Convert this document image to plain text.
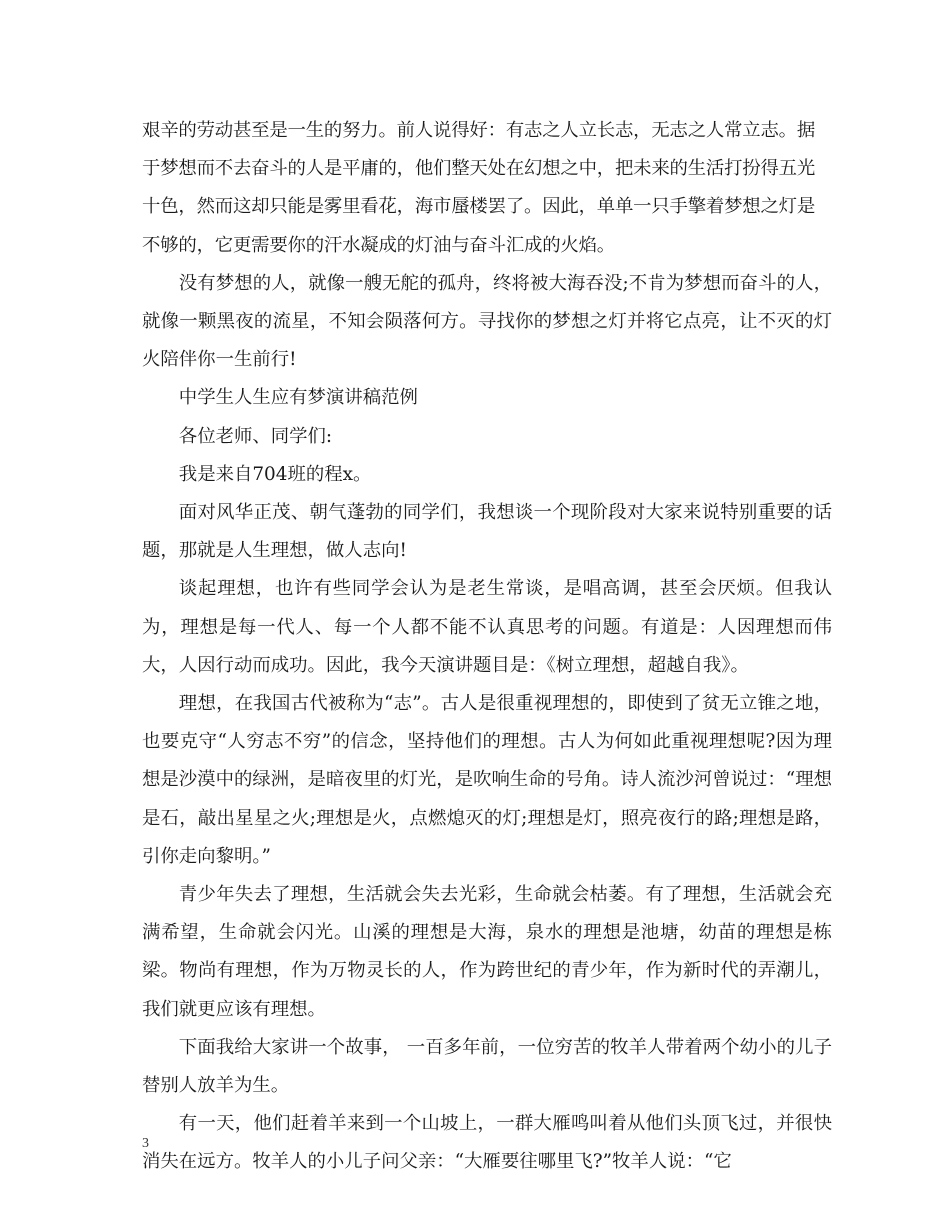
艰辛的劳动甚至是一生的努力。前人说得好：有志之人立长志，无志之人常立志。据于梦想而不去奋斗的人是平庸的，他们整天处在幻想之中，把未来的生活打扮得五光十色，然而这却只能是雾里看花，海市蜃楼罢了。因此，单单一只手擎着梦想之灯是不够的，它更需要你的汗水凝成的灯油与奋斗汇成的火焰。

没有梦想的人，就像一艘无舵的孤舟，终将被大海吞没;不肯为梦想而奋斗的人，就像一颗黑夜的流星，不知会陨落何方。寻找你的梦想之灯并将它点亮，让不灭的灯火陪伴你一生前行!

中学生人生应有梦演讲稿范例

各位老师、同学们:

我是来自704班的程x。

面对风华正茂、朝气蓬勃的同学们，我想谈一个现阶段对大家来说特别重要的话题，那就是人生理想，做人志向!

谈起理想，也许有些同学会认为是老生常谈，是唱高调，甚至会厌烦。但我认为，理想是每一代人、每一个人都不能不认真思考的问题。有道是：人因理想而伟大，人因行动而成功。因此，我今天演讲题目是：《树立理想，超越自我》。

理想，在我国古代被称为“志”。古人是很重视理想的，即使到了贫无立锥之地，也要克守“人穷志不穷”的信念，坚持他们的理想。古人为何如此重视理想呢?因为理想是沙漠中的绿洲，是暗夜里的灯光，是吹响生命的号角。诗人流沙河曾说过：“理想是石，敲出星星之火;理想是火，点燃熄灭的灯;理想是灯，照亮夜行的路;理想是路，引你走向黎明。”

青少年失去了理想，生活就会失去光彩，生命就会枯萎。有了理想，生活就会充满希望，生命就会闪光。山溪的理想是大海，泉水的理想是池塘，幼苗的理想是栋梁。物尚有理想，作为万物灵长的人，作为跨世纪的青少年，作为新时代的弄潮儿，我们就更应该有理想。

下面我给大家讲一个故事， 一百多年前，一位穷苦的牧羊人带着两个幼小的儿子替别人放羊为生。

有一天，他们赶着羊来到一个山坡上，一群大雁鸣叫着从他们头顶飞过，并很快消失在远方。牧羊人的小儿子问父亲：“大雁要往哪里飞?”牧羊人说：“它

3
